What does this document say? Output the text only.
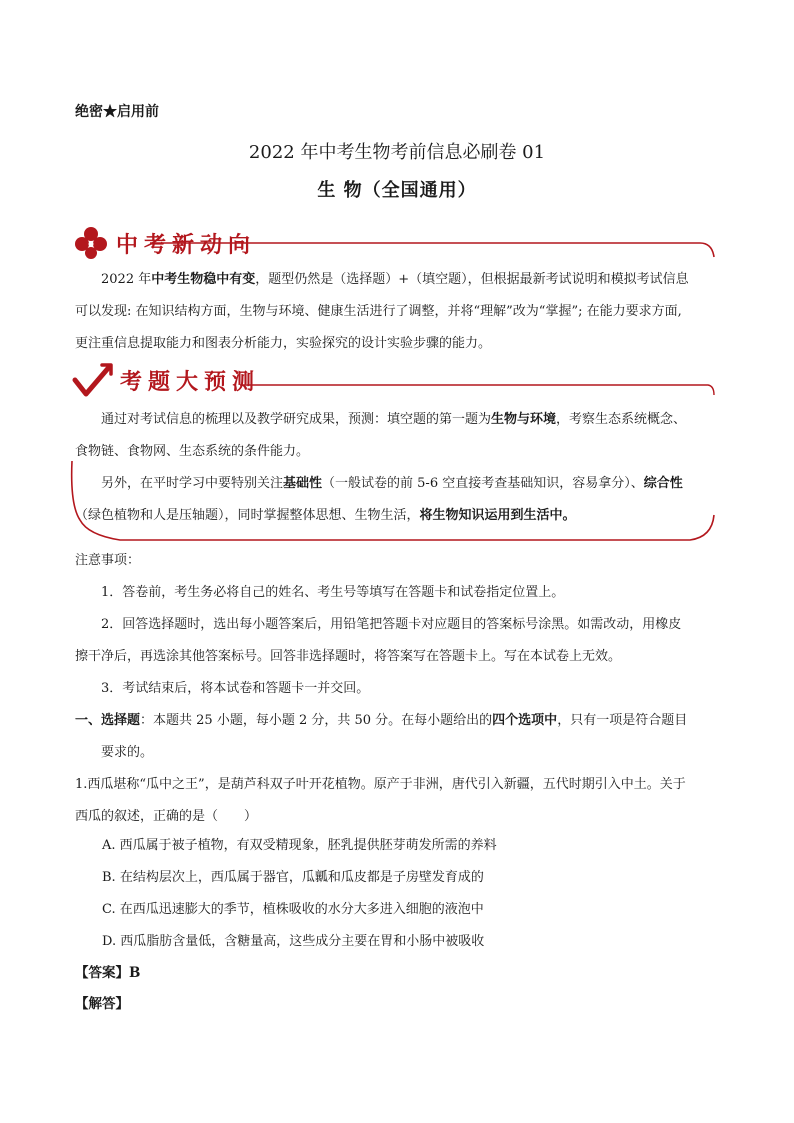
绝密★启用前
2022 年中考生物考前信息必刷卷 01
生 物（全国通用）
中考新动向
2022 年中考生物稳中有变，题型仍然是（选择题）+（填空题），但根据最新考试说明和模拟考试信息
可以发现: 在知识结构方面，生物与环境、健康生活进行了调整，并将“理解”改为“掌握”; 在能力要求方面,
更注重信息提取能力和图表分析能力，实验探究的设计实验步骤的能力。
考题大预测
通过对考试信息的梳理以及教学研究成果，预测：填空题的第一题为生物与环境，考察生态系统概念、
食物链、食物网、生态系统的条件能力。
另外，在平时学习中要特别关注基础性（一般试卷的前 5-6 空直接考查基础知识，容易拿分）、综合性
（绿色植物和人是压轴题），同时掌握整体思想、生物生活，将生物知识运用到生活中。
注意事项：
1．答卷前，考生务必将自己的姓名、考生号等填写在答题卡和试卷指定位置上。
2．回答选择题时，选出每小题答案后，用铅笔把答题卡对应题目的答案标号涂黑。如需改动，用橡皮
擦干净后，再选涂其他答案标号。回答非选择题时，将答案写在答题卡上。写在本试卷上无效。
3．考试结束后，将本试卷和答题卡一并交回。
一、选择题：本题共 25 小题，每小题 2 分，共 50 分。在每小题给出的四个选项中，只有一项是符合题目
要求的。
1.西瓜堪称“瓜中之王”，是葫芦科双子叶开花植物。原产于非洲，唐代引入新疆，五代时期引入中土。关于
西瓜的叙述，正确的是（　　）
A. 西瓜属于被子植物，有双受精现象，胚乳提供胚芽萌发所需的养料
B. 在结构层次上，西瓜属于器官，瓜瓤和瓜皮都是子房壁发育成的
C. 在西瓜迅速膨大的季节，植株吸收的水分大多进入细胞的液泡中
D. 西瓜脂肪含量低，含糖量高，这些成分主要在胃和小肠中被吸收
【答案】B
【解答】
